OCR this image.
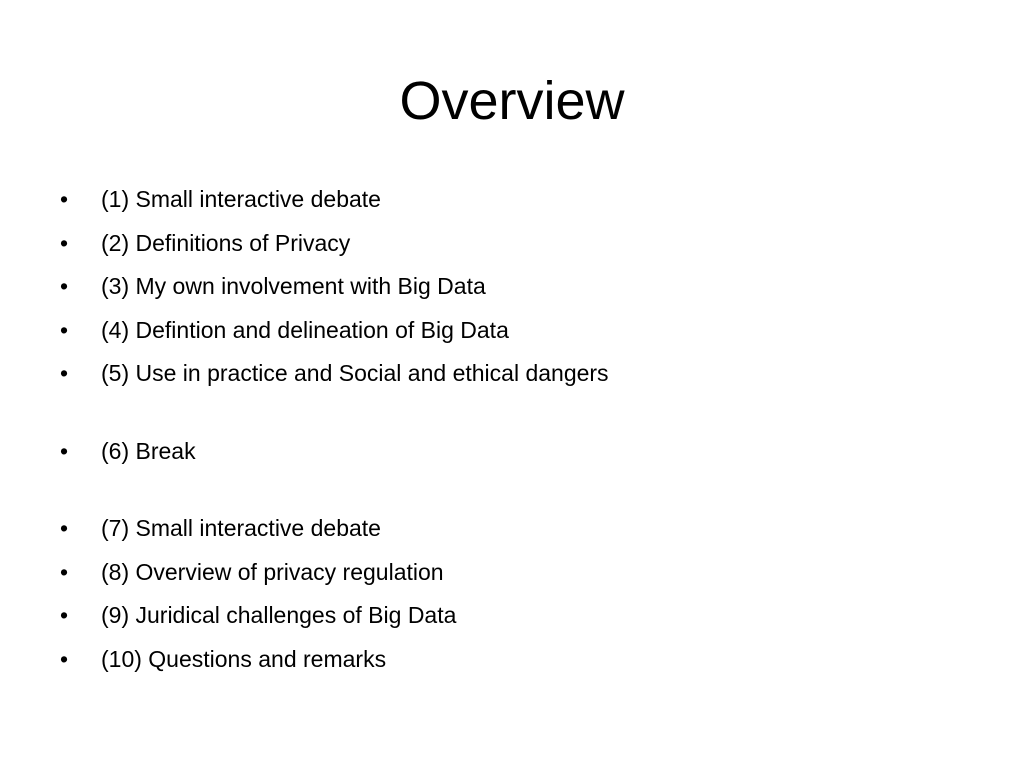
Overview
• (1) Small interactive debate
• (2) Definitions of Privacy
• (3) My own involvement with Big Data
• (4) Defintion and delineation of Big Data
• (5) Use in practice and Social and ethical dangers
• (6) Break
• (7) Small interactive debate
• (8) Overview of privacy regulation
• (9) Juridical challenges of Big Data
• (10) Questions and remarks
